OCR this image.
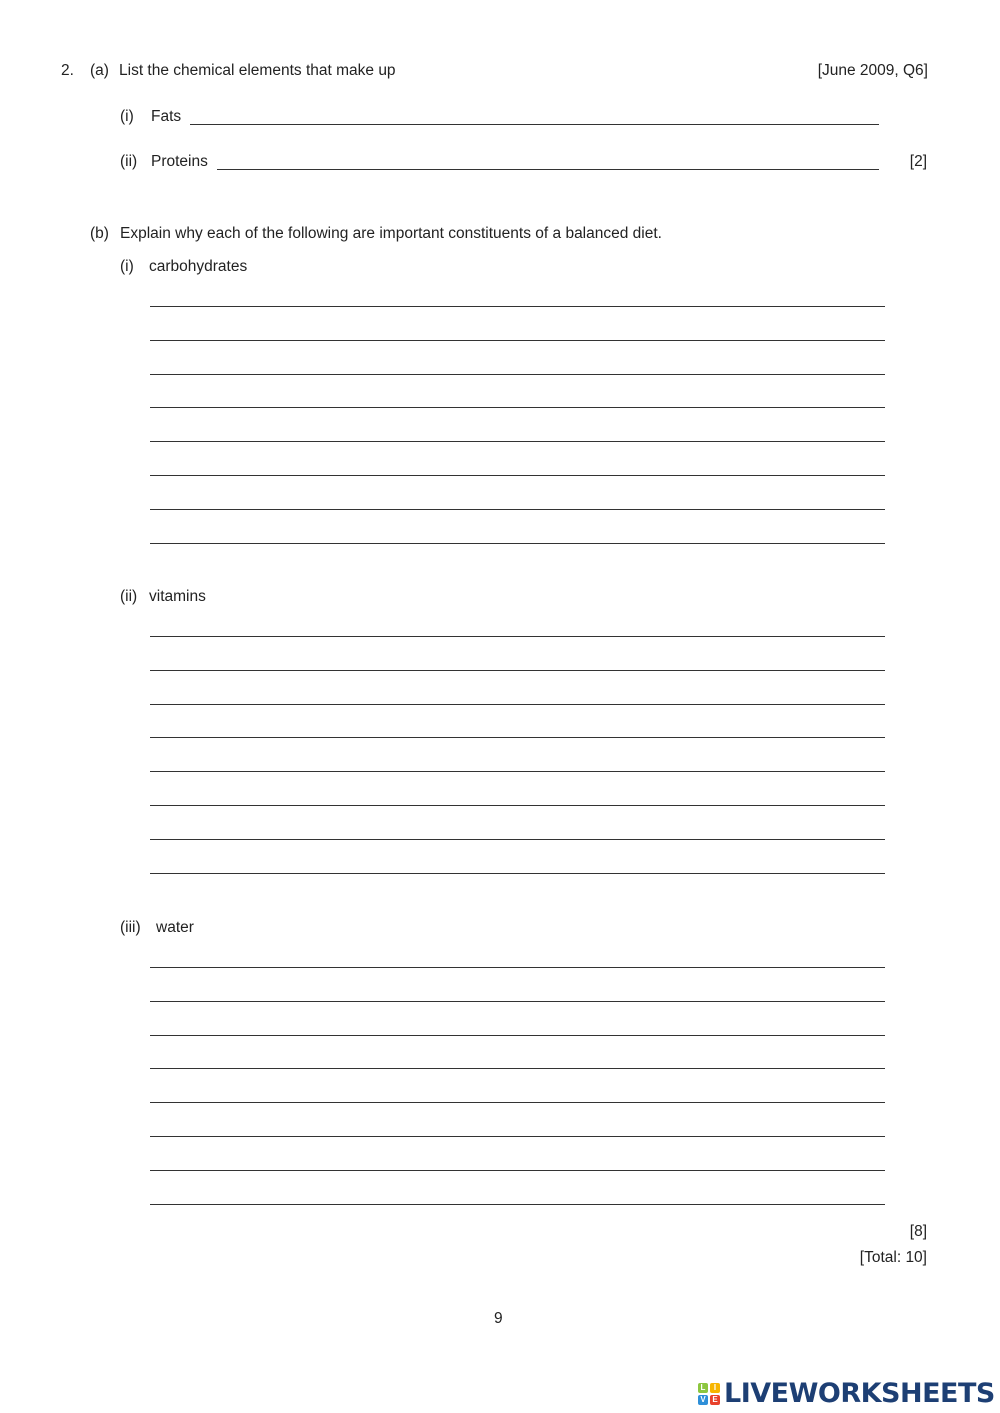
2. (a) List the chemical elements that make up	[June 2009, Q6]
(i) Fats
(ii) Proteins	[2]
(b) Explain why each of the following are important constituents of a balanced diet.
(i) carbohydrates
(ii) vitamins
(iii) water
[8]
[Total: 10]
9
L	I
V E LIVEWORKSHEETS
